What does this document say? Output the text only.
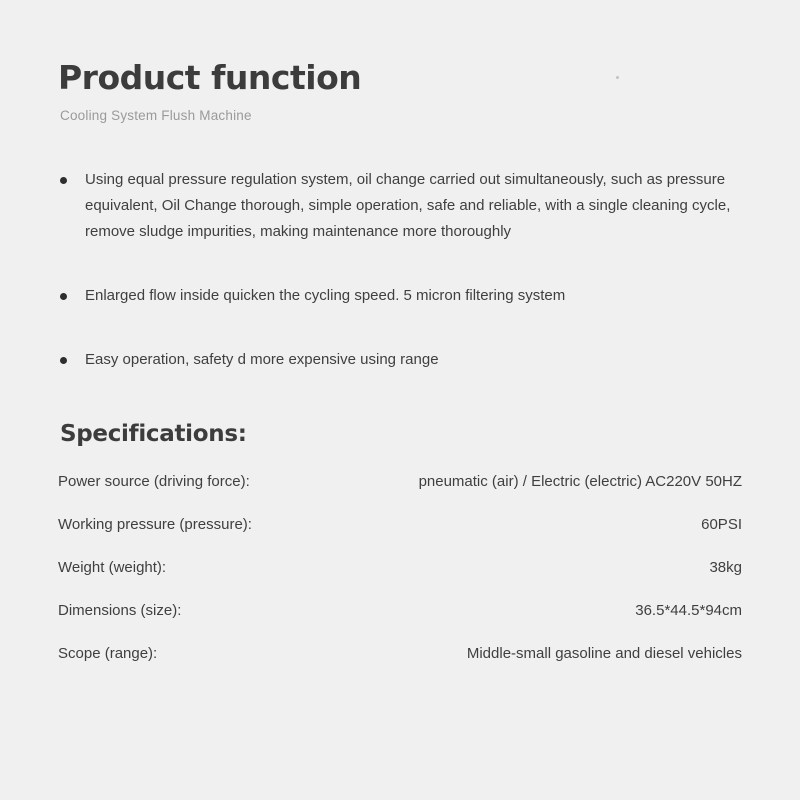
Product function
Cooling System Flush Machine
Using equal pressure regulation system, oil change carried out simultaneously, such as pressure equivalent, Oil Change thorough, simple operation, safe and reliable, with a single cleaning cycle, remove sludge impurities, making maintenance more thoroughly
Enlarged flow inside quicken the cycling speed. 5 micron filtering system
Easy operation, safety d more expensive using range
Specifications:
Power source (driving force):	pneumatic (air) / Electric (electric) AC220V 50HZ
Working pressure (pressure):	60PSI
Weight (weight):	38kg
Dimensions (size):	36.5*44.5*94cm
Scope (range):	Middle-small gasoline and diesel vehicles
